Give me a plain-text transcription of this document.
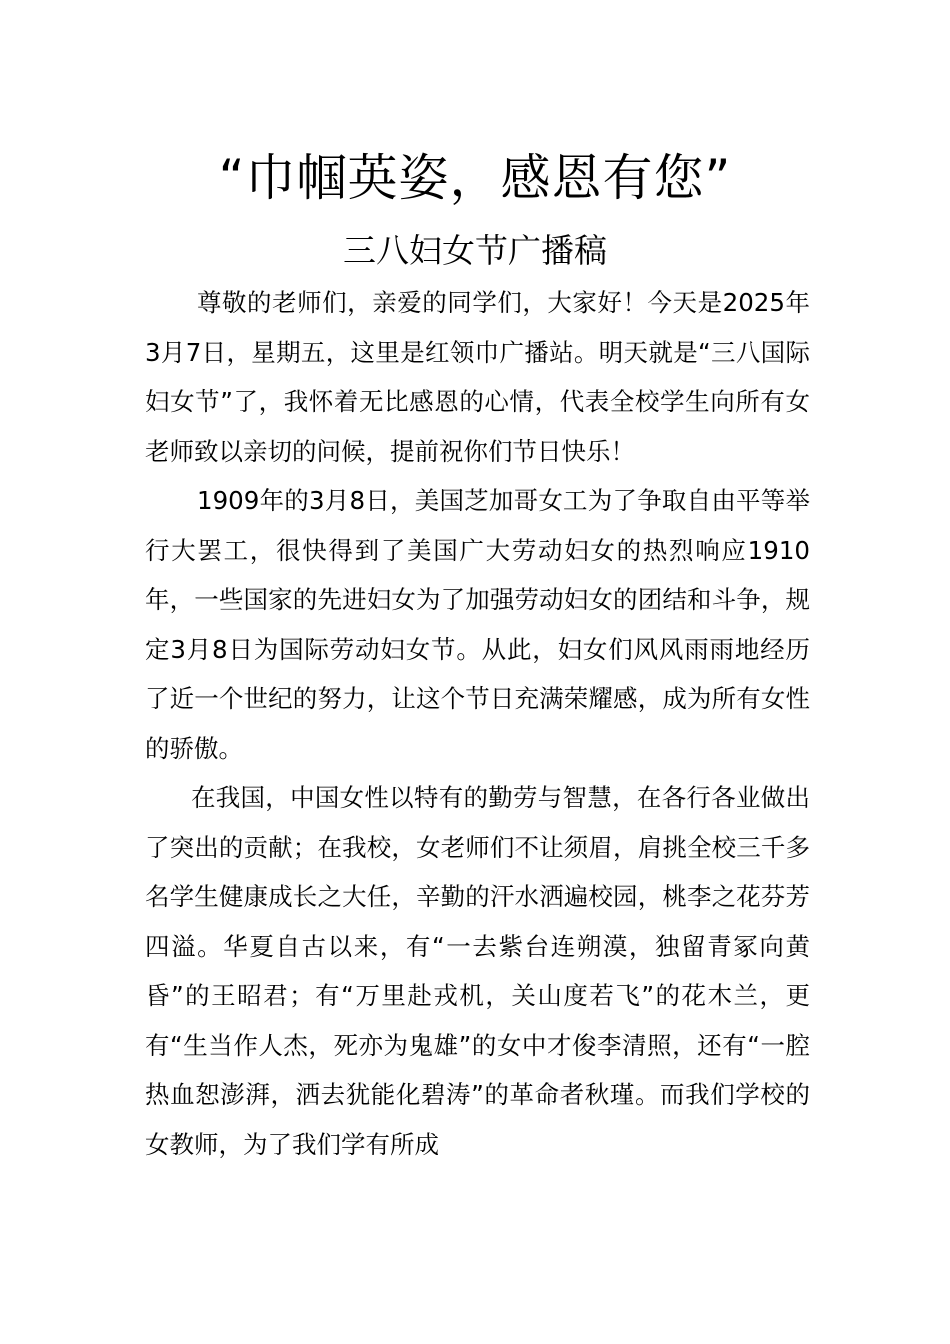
“巾帼英姿，感恩有您”
三八妇女节广播稿

尊敬的老师们，亲爱的同学们，大家好！今天是2025年3月7日，星期五，这里是红领巾广播站。明天就是“三八国际妇女节”了，我怀着无比感恩的心情，代表全校学生向所有女老师致以亲切的问候，提前祝你们节日快乐！

1909年的3月8日，美国芝加哥女工为了争取自由平等举行大罢工，很快得到了美国广大劳动妇女的热烈响应1910年，一些国家的先进妇女为了加强劳动妇女的团结和斗争，规定3月8日为国际劳动妇女节。从此，妇女们风风雨雨地经历了近一个世纪的努力，让这个节日充满荣耀感，成为所有女性的骄傲。

在我国，中国女性以特有的勤劳与智慧，在各行各业做出了突出的贡献；在我校，女老师们不让须眉，肩挑全校三千多名学生健康成长之大任，辛勤的汗水洒遍校园，桃李之花芬芳四溢。华夏自古以来，有“一去紫台连朔漠，独留青冢向黄昏”的王昭君；有“万里赴戎机，关山度若飞”的花木兰，更有“生当作人杰，死亦为鬼雄”的女中才俊李清照，还有“一腔热血恕澎湃，洒去犹能化碧涛”的革命者秋瑾。而我们学校的女教师，为了我们学有所成
